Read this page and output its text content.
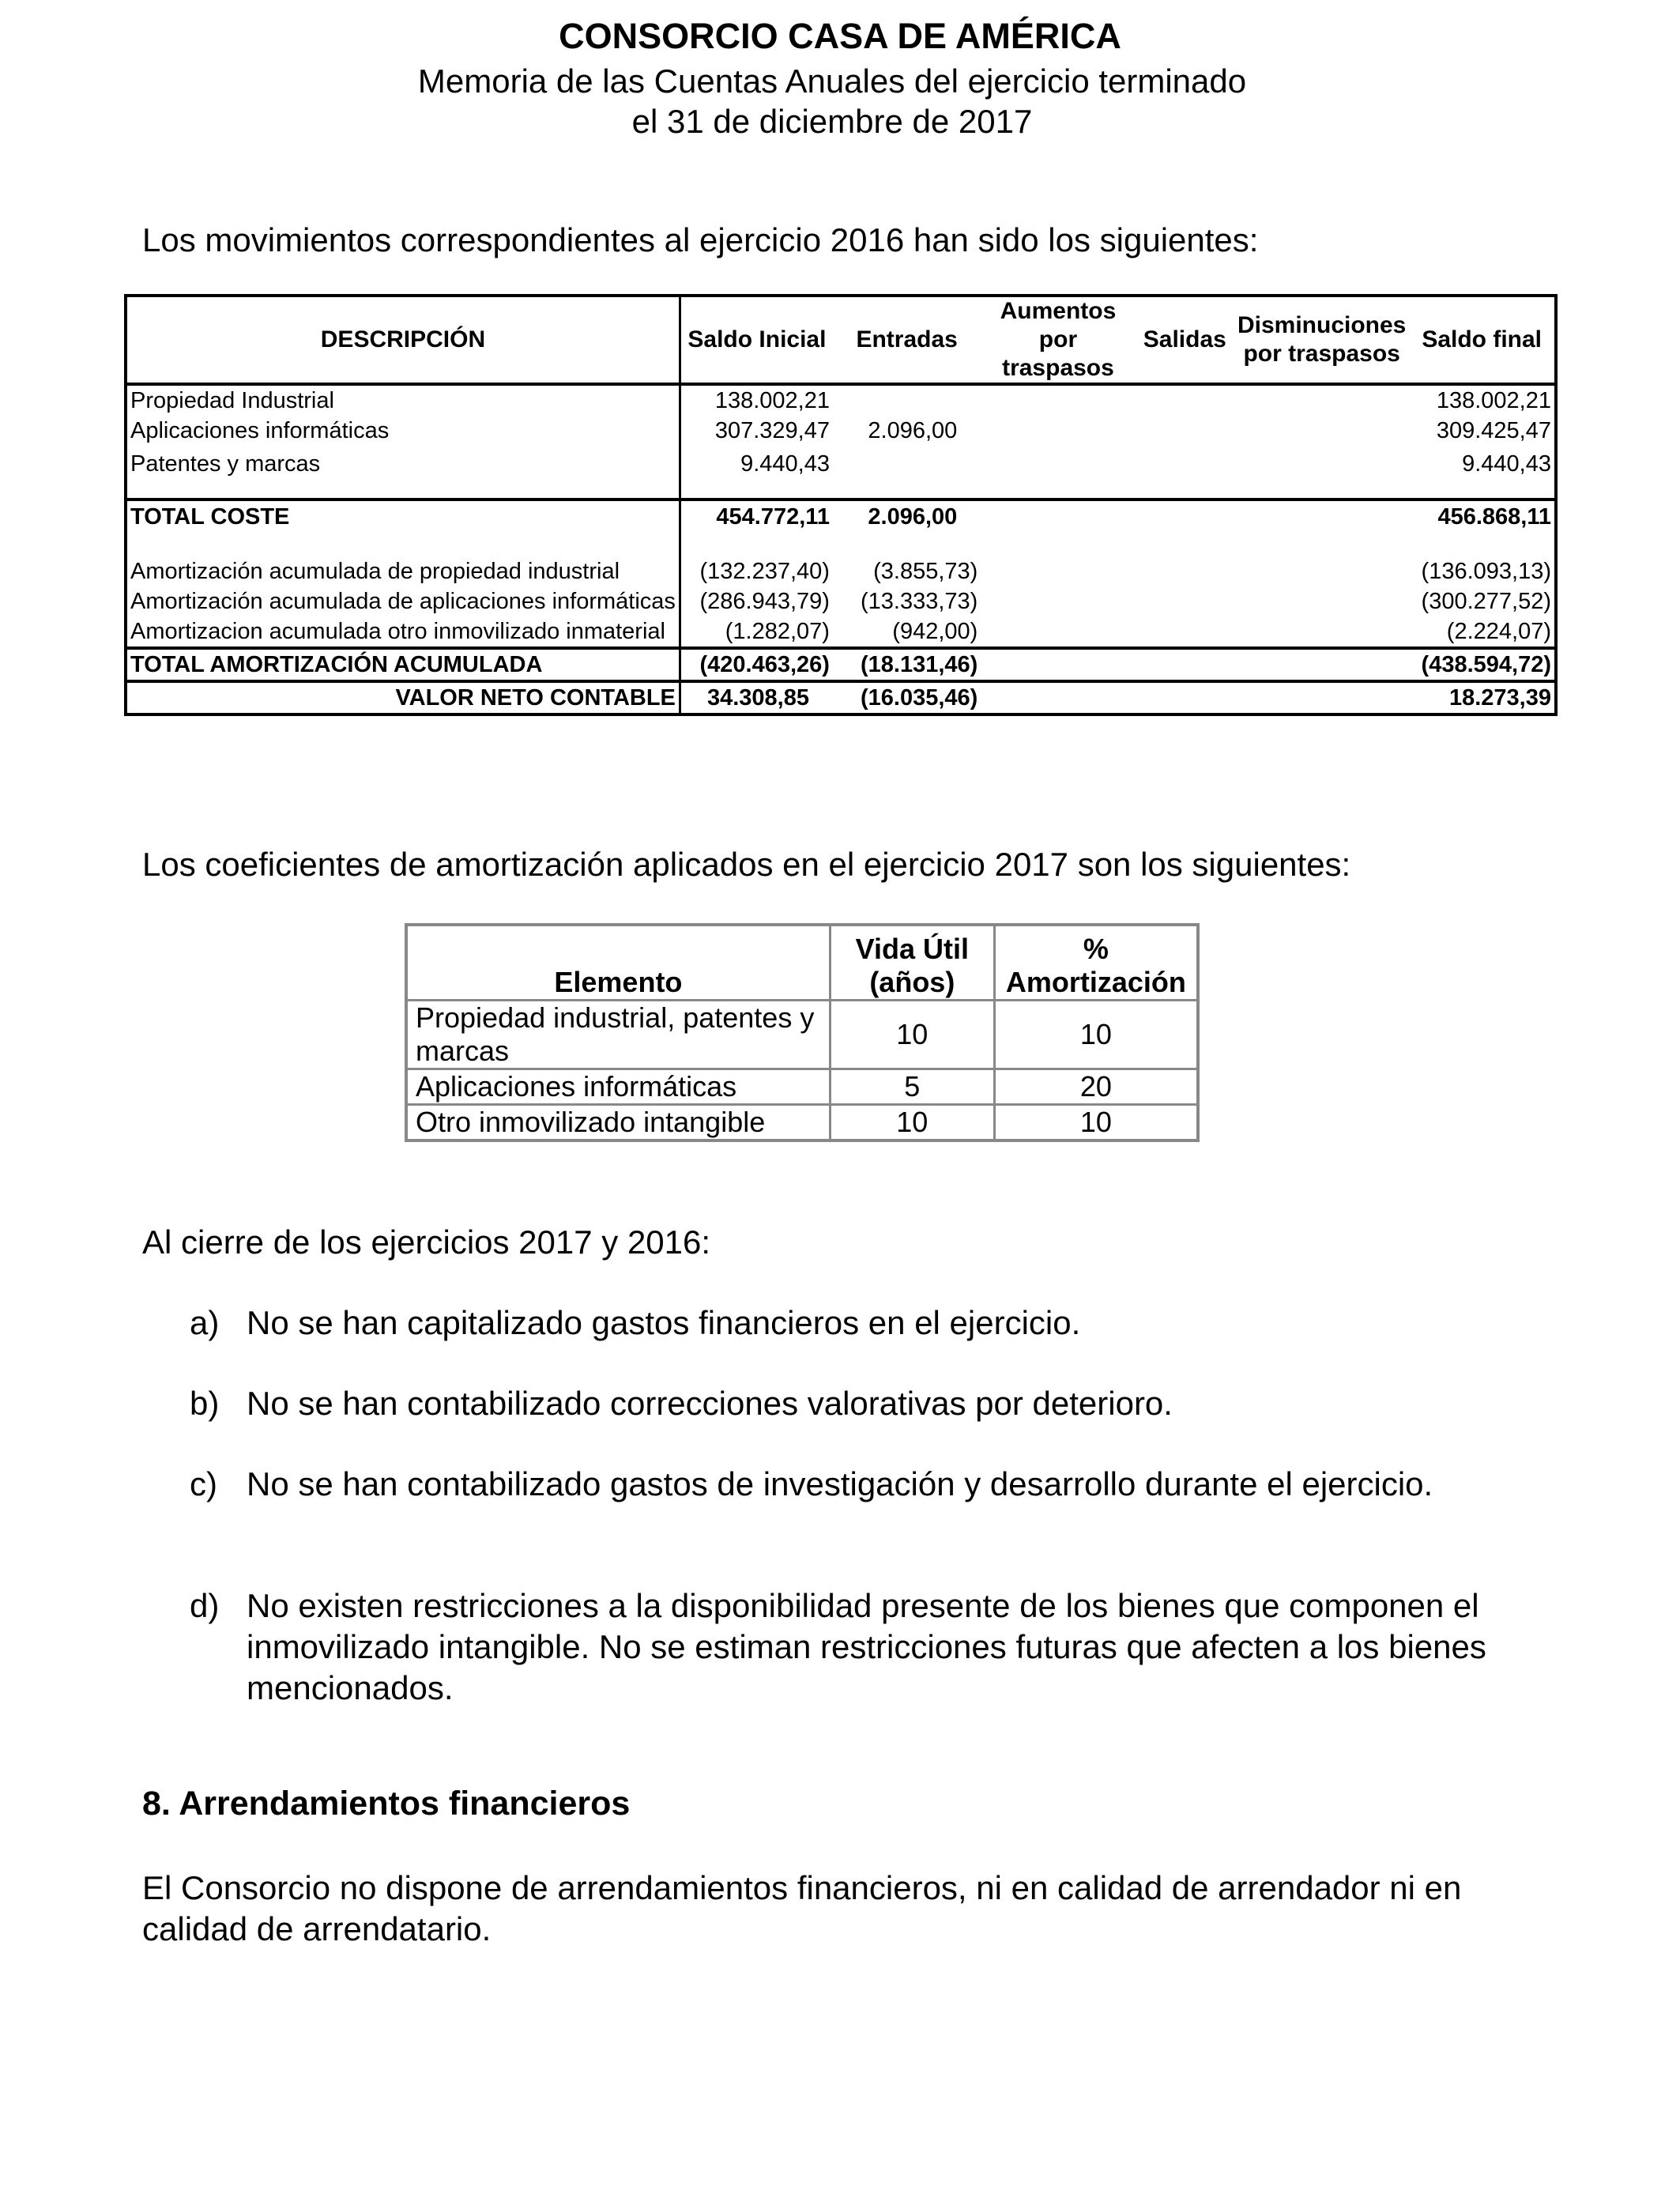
CONSORCIO CASA DE AMÉRICA
Memoria de las Cuentas Anuales del ejercicio terminado
el 31 de diciembre de 2017
Los movimientos correspondientes al ejercicio 2016 han sido los siguientes:
DESCRIPCIÓN	Saldo Inicial	Entradas	Aumentos por traspasos	Salidas	Disminuciones por traspasos	Saldo final
Propiedad Industrial	138.002,21					138.002,21
Aplicaciones informáticas	307.329,47	2.096,00				309.425,47
Patentes y marcas	9.440,43					9.440,43

TOTAL COSTE	454.772,11	2.096,00				456.868,11
Amortización acumulada de propiedad industrial	(132.237,40)	(3.855,73)				(136.093,13)
Amortización acumulada de aplicaciones informáticas	(286.943,79)	(13.333,73)				(300.277,52)
Amortizacion acumulada otro inmovilizado inmaterial	(1.282,07)	(942,00)				(2.224,07)
TOTAL AMORTIZACIÓN ACUMULADA	(420.463,26)	(18.131,46)				(438.594,72)
VALOR NETO CONTABLE	34.308,85	(16.035,46)				18.273,39
Los coeficientes de amortización aplicados en el ejercicio 2017 son los siguientes:
Elemento	Vida Útil (años)	% Amortización
Propiedad industrial, patentes y marcas	10	10
Aplicaciones informáticas	5	20
Otro inmovilizado intangible	10	10
Al cierre de los ejercicios 2017 y 2016:
a) No se han capitalizado gastos financieros en el ejercicio.
b) No se han contabilizado correcciones valorativas por deterioro.
c) No se han contabilizado gastos de investigación y desarrollo durante el ejercicio.
d) No existen restricciones a la disponibilidad presente de los bienes que componen el inmovilizado intangible. No se estiman restricciones futuras que afecten a los bienes mencionados.
8. Arrendamientos financieros
El Consorcio no dispone de arrendamientos financieros, ni en calidad de arrendador ni en calidad de arrendatario.
